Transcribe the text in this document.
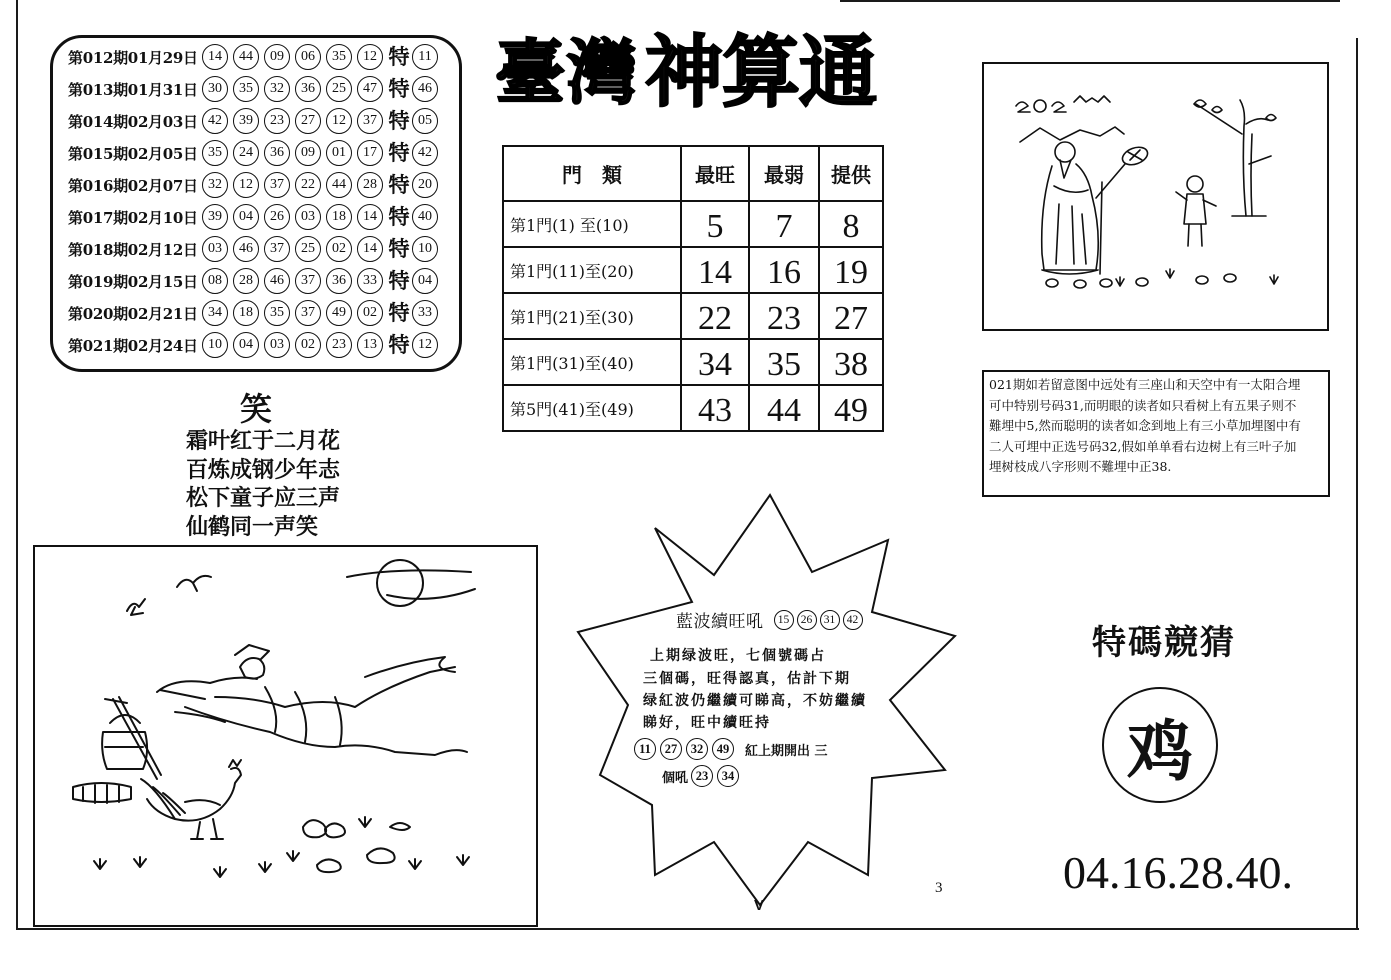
第012期01月29日 14	44	09	06	35	12 特 11
第013期01月31日 30	35	32	36	25	47 特 46
第014期02月03日 42	39	23	27	12	37 特 05
第015期02月05日 35	24	36	09	01	17 特 42
第016期02月07日 32	12	37	22	44	28 特 20
第017期02月10日 39	04	26	03	18	14 特 40
第018期02月12日 03	46	37	25	02	14 特 10
第019期02月15日 08	28	46	37	36	33 特 04
第020期02月21日 34	18	35	37	49	02 特 33
第021期02月24日 10	04	03	02	23	13 特 12
臺灣 神算通
門　類	最旺	最弱	提供
第1門(1) 至(10)	5	7	8
第1門(11)至(20)	14	16	19
第1門(21)至(30)	22	23	27
第1門(31)至(40)	34	35	38
第5門(41)至(49)	43	44	49
笑
霜叶红于二月花
百炼成钢少年志
松下童子应三声
仙鹤同一声笑
021期如若留意图中远处有三座山和天空中有一太阳合埋
可中特别号码31,而明眼的读者如只看树上有五果子则不
難埋中5,然而聪明的读者如念到地上有三小草加埋图中有
二人可埋中正选号码32,假如单单看右边树上有三叶子加
埋树枝成八字形则不難埋中正38.
藍波續旺吼	15	26	31	42
上期绿波旺，七個號碼占
三個碼，旺得認真，估計下期
绿紅波仍繼續可睇高，不妨繼續
睇好，旺中續旺持
11	27	32	49	紅上期開出 三
個吼 23	34
特碼競猜
鸡
04.16.28.40.
V
3
